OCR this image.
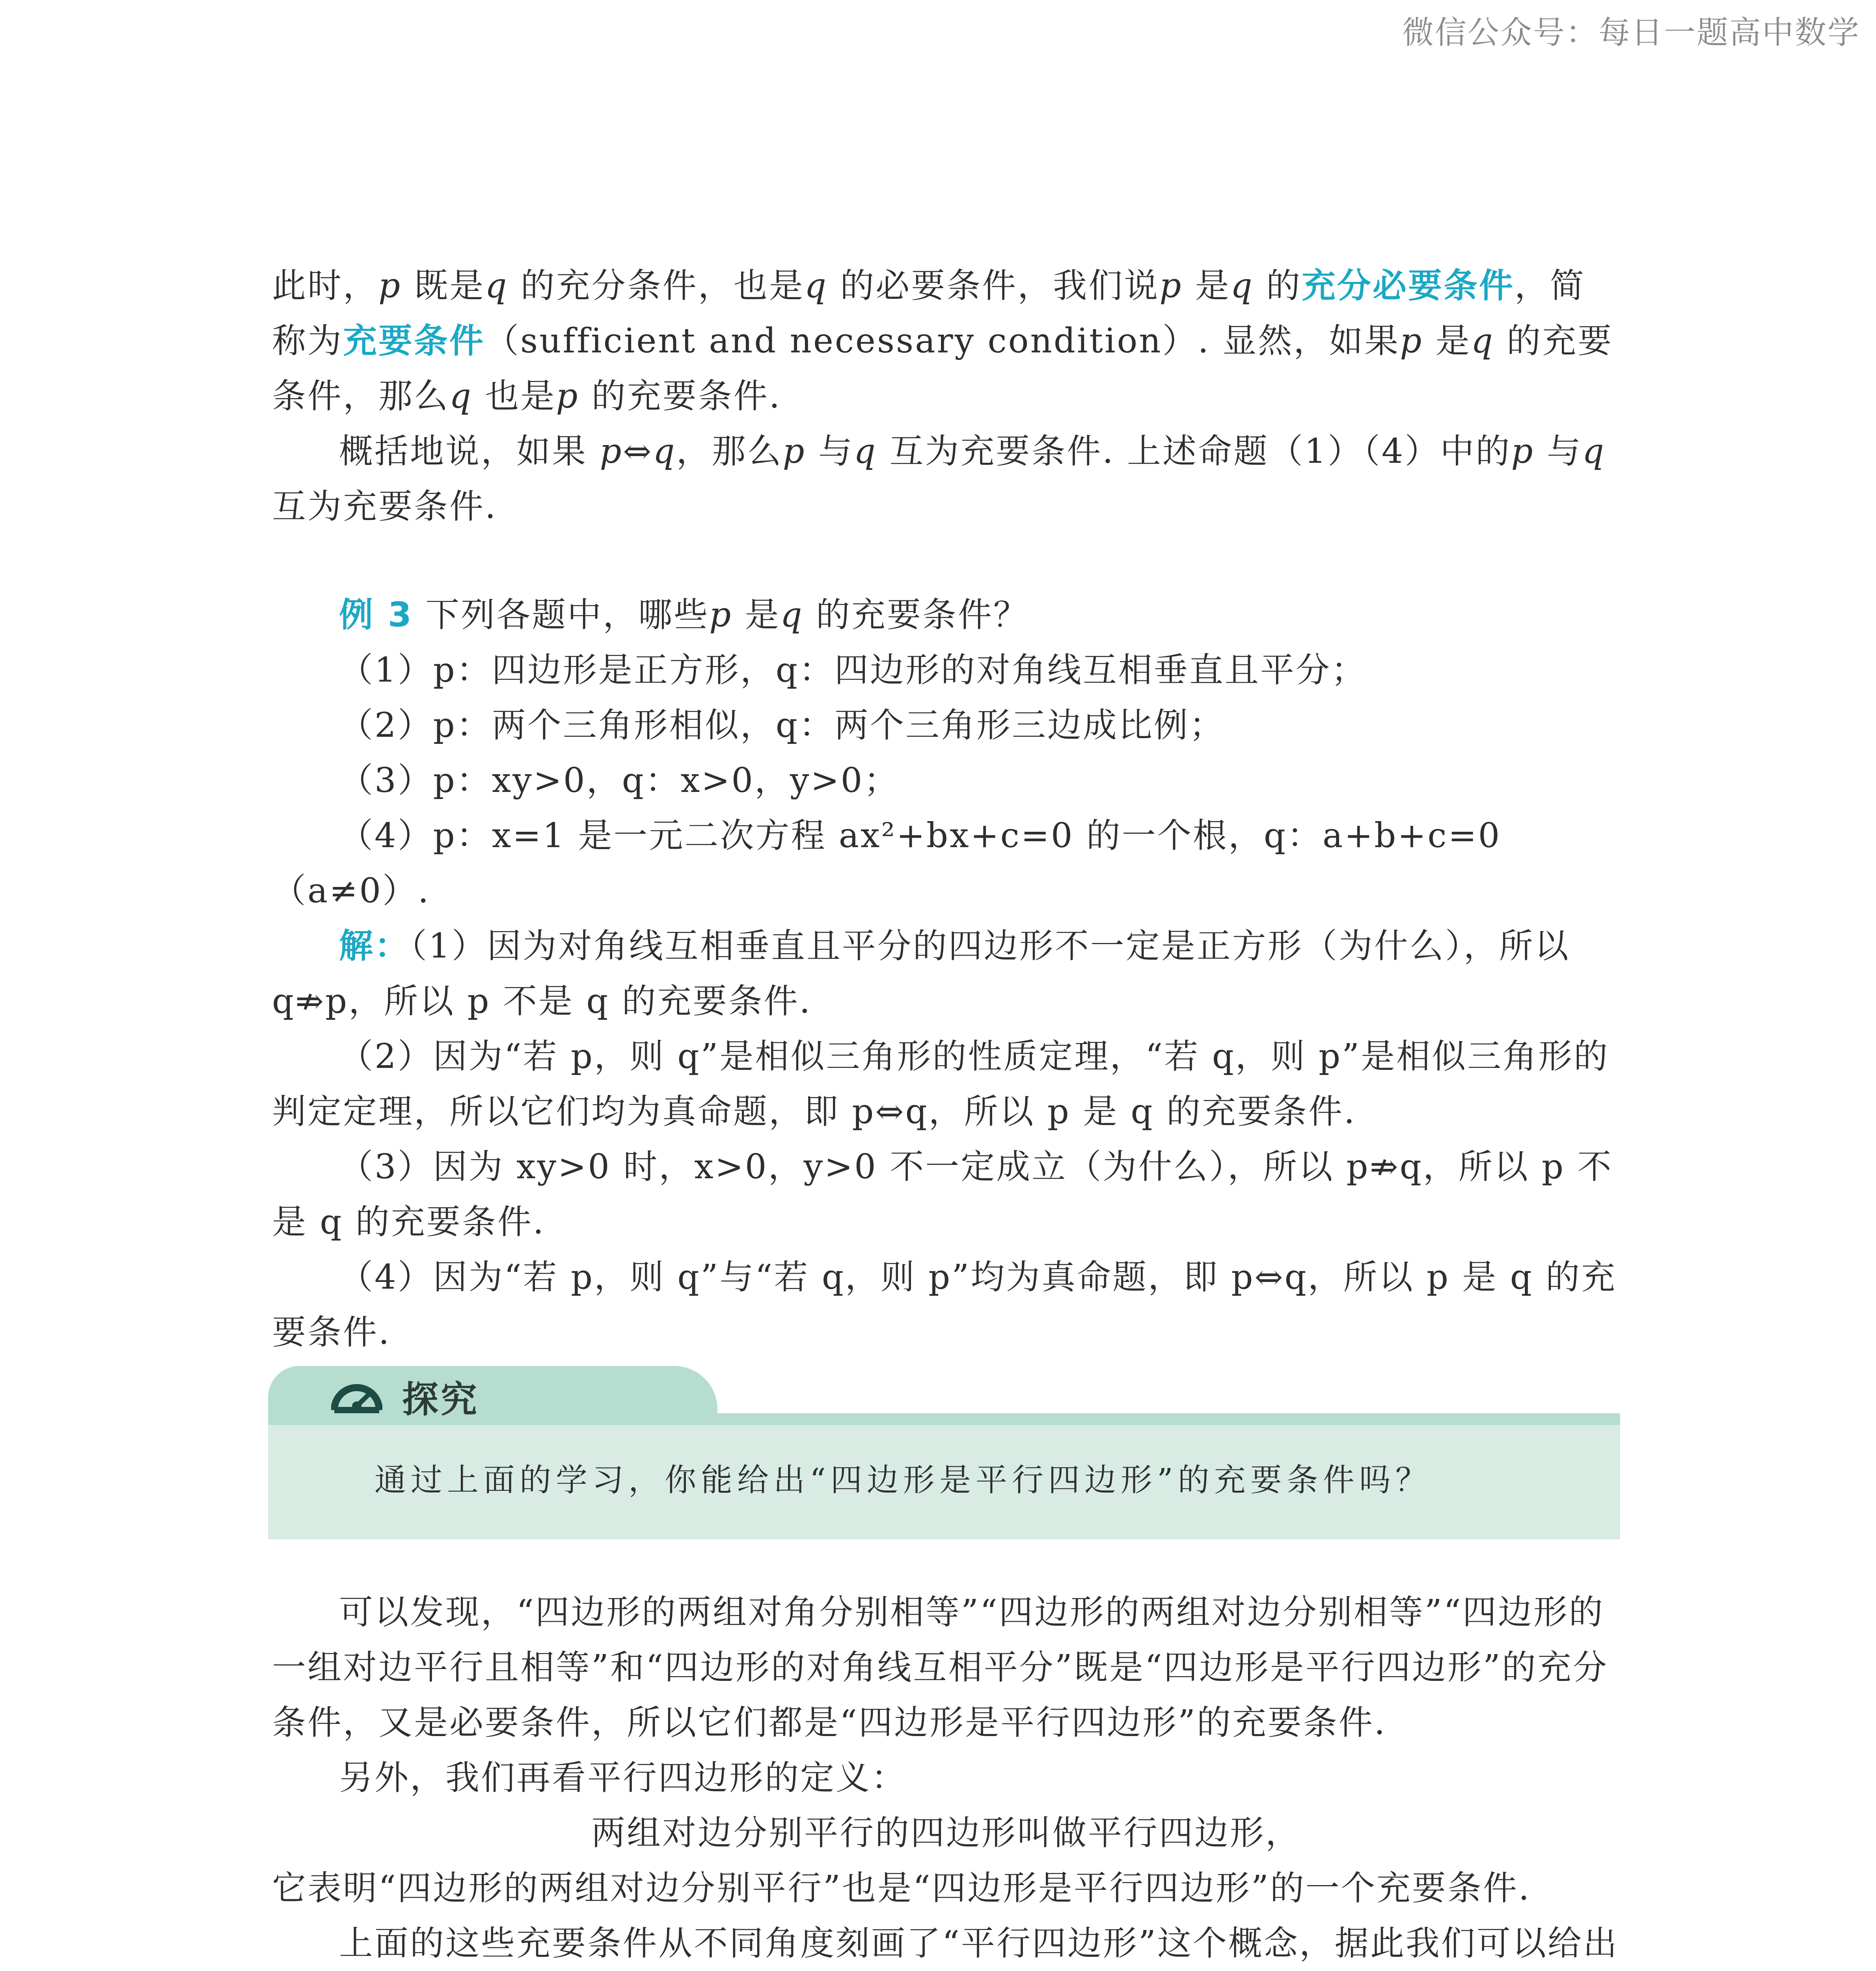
微信公众号：每日一题高中数学

此时，p 既是q 的充分条件，也是q 的必要条件，我们说p 是q 的充分必要条件，简称为充要条件（sufficient and necessary condition）. 显然，如果p 是q 的充要条件，那么q 也是p 的充要条件.

概括地说，如果 p⇔q，那么p 与q 互为充要条件. 上述命题（1）（4）中的p 与q 互为充要条件.

例 3 下列各题中，哪些p 是q 的充要条件？

（1）p：四边形是正方形，q：四边形的对角线互相垂直且平分；

（2）p：两个三角形相似，q：两个三角形三边成比例；

（3）p：xy>0，q：x>0，y>0；

（4）p：x=1 是一元二次方程 ax²+bx+c=0 的一个根，q：a+b+c=0（a≠0）.

解：（1）因为对角线互相垂直且平分的四边形不一定是正方形（为什么），所以 q⇏p，所以 p 不是 q 的充要条件.

（2）因为“若 p，则 q”是相似三角形的性质定理，“若 q，则 p”是相似三角形的判定定理，所以它们均为真命题，即 p⇔q，所以 p 是 q 的充要条件.

（3）因为 xy>0 时，x>0，y>0 不一定成立（为什么），所以 p⇏q，所以 p 不是 q 的充要条件.

（4）因为“若 p，则 q”与“若 q，则 p”均为真命题，即 p⇔q，所以 p 是 q 的充要条件.

探究
通过上面的学习，你能给出“四边形是平行四边形”的充要条件吗？

可以发现，“四边形的两组对角分别相等”“四边形的两组对边分别相等”“四边形的一组对边平行且相等”和“四边形的对角线互相平分”既是“四边形是平行四边形”的充分条件，又是必要条件，所以它们都是“四边形是平行四边形”的充要条件.

另外，我们再看平行四边形的定义：

两组对边分别平行的四边形叫做平行四边形，

它表明“四边形的两组对边分别平行”也是“四边形是平行四边形”的一个充要条件.

上面的这些充要条件从不同角度刻画了“平行四边形”这个概念，据此我们可以给出
